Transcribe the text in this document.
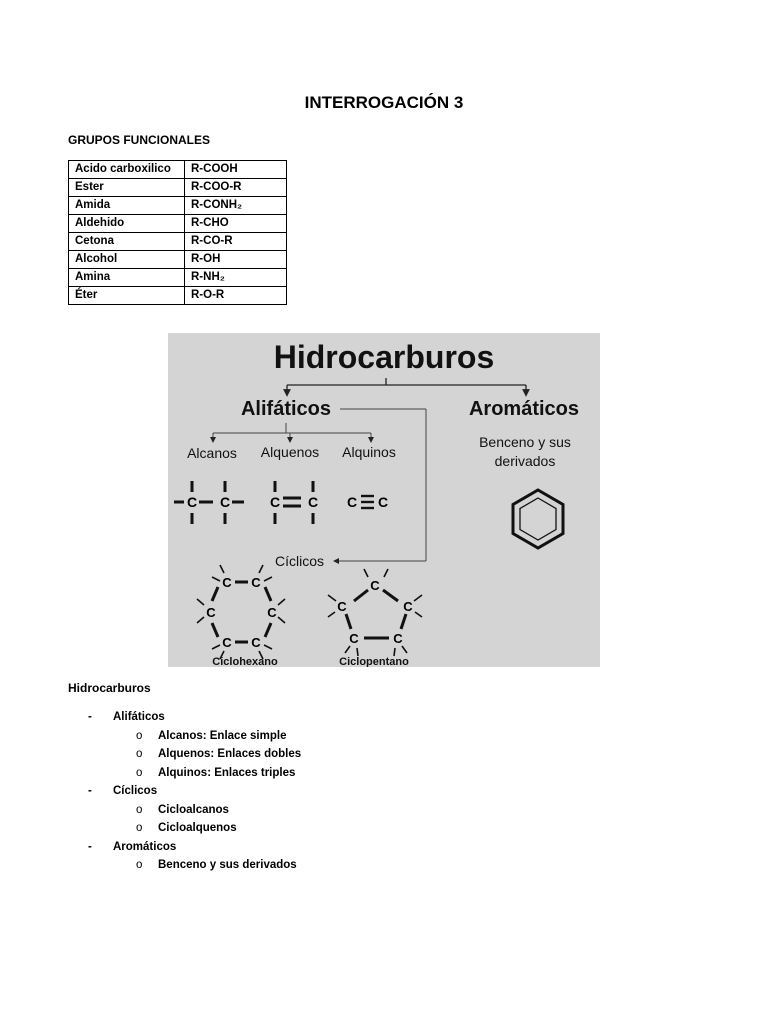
INTERROGACIÓN 3
GRUPOS FUNCIONALES
Acido carboxilico	R-COOH
Ester	R-COO-R
Amida	R-CONH₂
Aldehido	R-CHO
Cetona	R-CO-R
Alcohol	R-OH
Amina	R-NH₂
Éter	R-O-R
Hidrocarburos
Alifáticos	Aromáticos
Alcanos Alquenos Alquinos
Benceno y sus
derivados
C C	C C C C
Cíclicos
C C
C
C
C
C
Ciclohexano
C
C
C
C
C
Ciclopentano
Hidrocarburos
- Alifáticos
o Alcanos: Enlace simple
o Alquenos: Enlaces dobles
o Alquinos: Enlaces triples
- Cíclicos
o Cicloalcanos
o Cicloalquenos
- Aromáticos
o Benceno y sus derivados
